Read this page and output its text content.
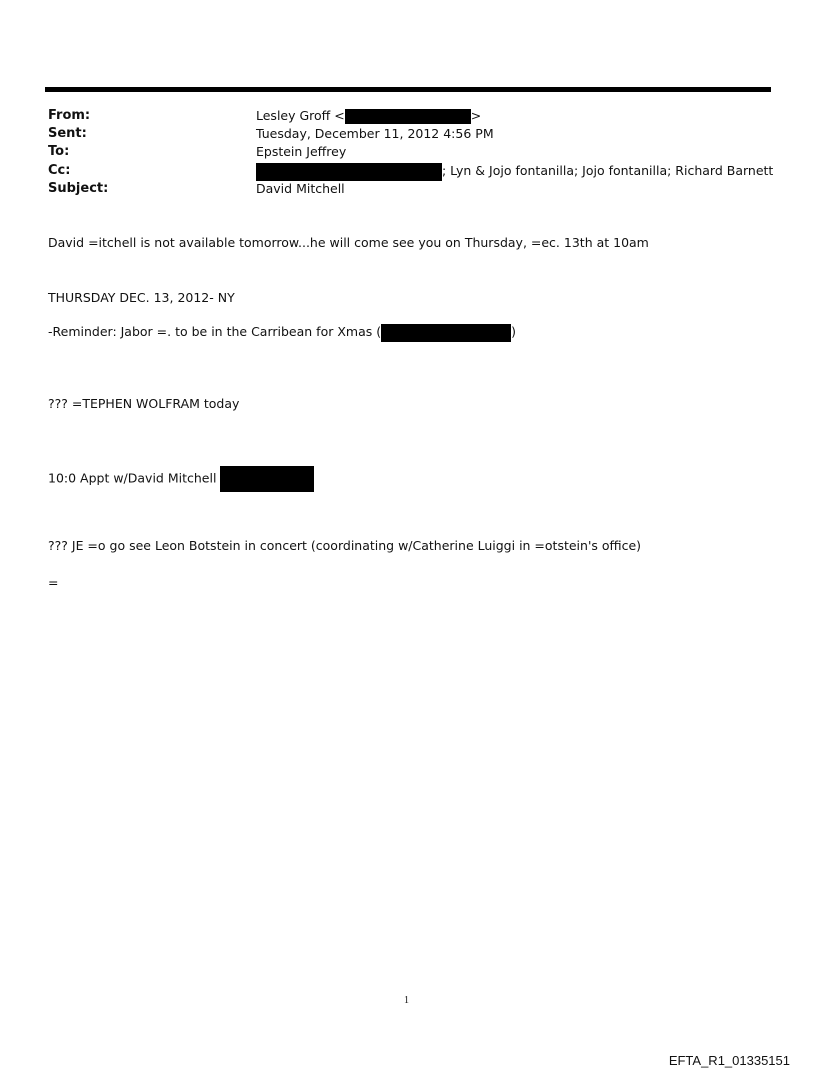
From:	Lesley Groff <	>
Sent:	Tuesday, December 11, 2012 4:56 PM
To:	Epstein Jeffrey
Cc:	; Lyn & Jojo fontanilla; Jojo fontanilla; Richard Barnett
Subject:	David Mitchell
David =itchell is not available tomorrow...he will come see you on Thursday, =ec. 13th at 10am
THURSDAY DEC. 13, 2012- NY
-Reminder: Jabor =. to be in the Carribean for Xmas (	)
??? =TEPHEN WOLFRAM today
10:0 Appt w/David Mitchell
??? JE =o go see Leon Botstein in concert (coordinating w/Catherine Luiggi in =otstein's office)
=
1
EFTA_R1_01335151
